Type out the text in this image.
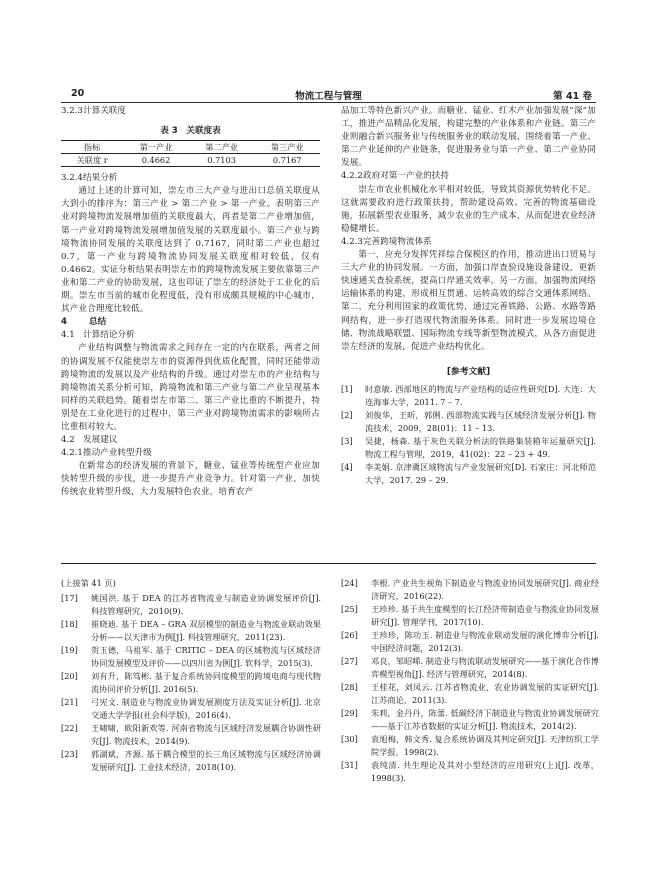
20	物流工程与管理	第 41 卷

3.2.3计算关联度

表 3　关联度表
指标	第一产业	第二产业	第三产业
关联度 r	0.4662	0.7103	0.7167

3.2.4结果分析

通过上述的计算可知，崇左市三大产业与进出口总值关联度从大到小的排序为：第三产业 > 第二产业 > 第一产业。表明第三产业对跨境物流发展增加值的关联度最大，再者是第二产业增加值，第一产业对跨境物流发展增加值发展的关联度最小。第三产业与跨境物流协同发展的关联度达到了 0.7167，同时第二产业也超过 0.7，第一产业与跨境物流协同发展关联度相对较低，仅有 0.4662。实证分析结果表明崇左市的跨境物流发展主要依靠第三产业和第二产业的协助发展，这也印证了崇左的经济处于工业化的后期。崇左市当前的城市化程度低，没有形成颇具规模的中心城市，其产业合理度比较低。

4	总结

4.1 计算结论分析

产业结构调整与物流需求之间存在一定的内在联系，两者之间的协调发展不仅能使崇左市的资源得到优质化配置，同时还能带动跨境物流的发展以及产业结构的升级。通过对崇左市的产业结构与跨境物流关系分析可知，跨境物流和第三产业与第二产业呈现基本同样的关联趋势。随着崇左市第二、第三产业比重的不断提升，特别是在工业化进行的过程中，第三产业对跨境物流需求的影响所占比重相对较大。

4.2 发展建议

4.2.1推动产业转型升级

在新常态的经济发展的背景下，糖业、锰业等传统型产业应加快转型升级的步伐，进一步提升产业竞争力。针对第一产业，加快传统农业转型升级，大力发展特色农业，培育农产

品加工等特色新兴产业。而糖业、锰业、红木产业加强发展“深”加工，推进产品精品化发展，构建完整的产业体系和产业链。第三产业则融合新兴服务业与传统服务业的联动发展，围绕着第一产业、第二产业延伸的产业链条，促进服务业与第一产业、第二产业协同发展。

4.2.2政府对第一产业的扶持

崇左市农业机械化水平相对较低，导致其资源优势转化不足。这就需要政府进行政策扶持，帮助建设高效、完善的物流基础设施，拓展新型农业服务，减少农业的生产成本，从而促进农业经济稳健增长。

4.2.3完善跨境物流体系

第一，应充分发挥凭祥综合保税区的作用，推动进出口贸易与三大产业的协同发展。一方面，加强口岸查验设施设备建设，更新快速通关查验系统，提高口岸通关效率。另一方面，加强物流网络运输体系的构建，形成相互贯通、运转高效的综合交通体系网络。第二，充分利用国家的政策优势，通过完善铁路、公路、水路等路网结构，进一步打造现代物流服务体系。同时进一步发展边境仓储、物流战略联盟、国际物流专线等新型物流模式，从各方面促进崇左经济的发展，促进产业结构优化。

[参考文献]
[1] 时意敏. 西部地区的物流与产业结构的适应性研究[D]. 大连：大连海事大学，2011. 7 – 7.
[2] 刘俊华，王昕，郭俐. 西部物流实践与区域经济发展分析[J]. 物流技术，2009，28(01)：11 – 13.
[3] 吴捷，杨森. 基于灰色关联分析法的铁路集装箱年运量研究[J]. 物流工程与管理，2019，41(02)：22 – 23 + 49.
[4] 李美娟. 京津冀区域物流与产业发展研究[D]. 石家庄：河北师范大学，2017. 29 – 29.

(上接第 41 页)

[17] 姚国洪. 基于 DEA 的江苏省物流业与制造业协调发展评价[J]. 科技管理研究，2010(9).
[18] 崔晓迪. 基于 DEA – GRA 双层模型的制造业与物流业联动效果分析——以天津市为例[J]. 科技管理研究，2011(23).
[19] 贺玉德，马祖军. 基于 CRITIC – DEA 的区域物流与区域经济协同发展模型及评价——以四川省为例[J]. 软科学，2015(3).
[20] 刘有升，陈笃彬. 基于复合系统协同度模型的跨境电商与现代物流协同评价分析[J]. 2016(5).
[21] 弓宪文. 制造业与物流业协调发展测度方法及实证分析[J]. 北京交通大学学报(社会科学版)，2016(4).
[22] 王啸啸，欧阳新欢等. 河南省物流与区域经济发展耦合协调性研究[J]. 物流技术，2014(9).
[23] 郭湖斌，齐源. 基于耦合模型的长三角区域物流与区域经济协调发展研究[J]. 工业技术经济，2018(10).
[24] 李根. 产业共生视角下制造业与物流业协同发展研究[J]. 商业经济研究，2016(22).
[25] 王珍珍. 基于共生度模型的长江经济带制造业与物流业协同发展研究[J]. 管理学刊，2017(10).
[26] 王珍珍，陈功玉. 制造业与物流业联动发展的演化博弈分析[J]. 中国经济问题，2012(3).
[27] 邓良，邹昭晞. 制造业与物流联动发展研究——基于演化合作博弈模型视角[J]. 经济与管理研究，2014(8).
[28] 王桂花，刘凤云. 江苏省物流业、农业协调发展的实证研究[J]. 江苏商论，2011(3).
[29] 朱莉，金丹丹，陈蕾. 低碳经济下制造业与物流业协调发展研究——基于江苏省数据的实证分析[J]. 物流技术，2014(2).
[30] 袁旭梅，韩文秀. 复合系统协调及其判定研究[J]. 天津纺织工学院学报，1998(2).
[31] 袁纯清. 共生理论及其对小型经济的应用研究(上)[J]. 改革，1998(3).
